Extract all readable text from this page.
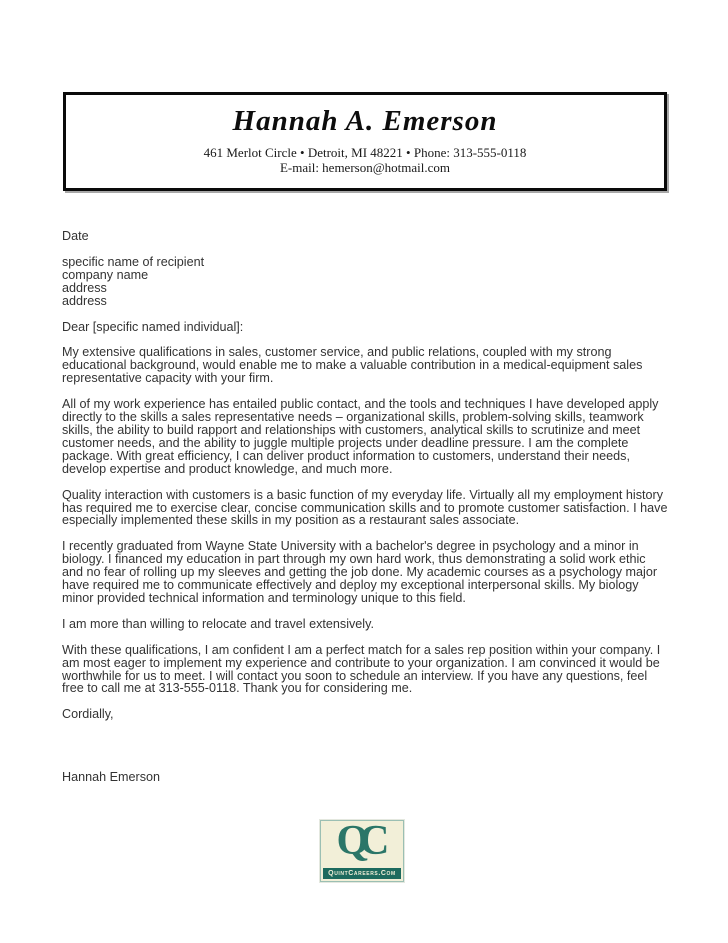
Hannah A. Emerson
461 Merlot Circle • Detroit, MI 48221 • Phone: 313-555-0118
E-mail: hemerson@hotmail.com
Date
specific name of recipient
company name
address
address
Dear [specific named individual]:

My extensive qualifications in sales, customer service, and public relations, coupled with my strong educational background, would enable me to make a valuable contribution in a medical-equipment sales representative capacity with your firm.

All of my work experience has entailed public contact, and the tools and techniques I have developed apply directly to the skills a sales representative needs – organizational skills, problem-solving skills, teamwork skills, the ability to build rapport and relationships with customers, analytical skills to scrutinize and meet customer needs, and the ability to juggle multiple projects under deadline pressure. I am the complete package. With great efficiency, I can deliver product information to customers, understand their needs, develop expertise and product knowledge, and much more.

Quality interaction with customers is a basic function of my everyday life. Virtually all my employment history has required me to exercise clear, concise communication skills and to promote customer satisfaction. I have especially implemented these skills in my position as a restaurant sales associate.

I recently graduated from Wayne State University with a bachelor's degree in psychology and a minor in biology. I financed my education in part through my own hard work, thus demonstrating a solid work ethic and no fear of rolling up my sleeves and getting the job done. My academic courses as a psychology major have required me to communicate effectively and deploy my exceptional interpersonal skills. My biology minor provided technical information and terminology unique to this field.

I am more than willing to relocate and travel extensively.

With these qualifications, I am confident I am a perfect match for a sales rep position within your company. I am most eager to implement my experience and contribute to your organization. I am convinced it would be worthwhile for us to meet. I will contact you soon to schedule an interview. If you have any questions, feel free to call me at 313-555-0118. Thank you for considering me.

Cordially,
Hannah Emerson
QC
QuintCareers.Com
